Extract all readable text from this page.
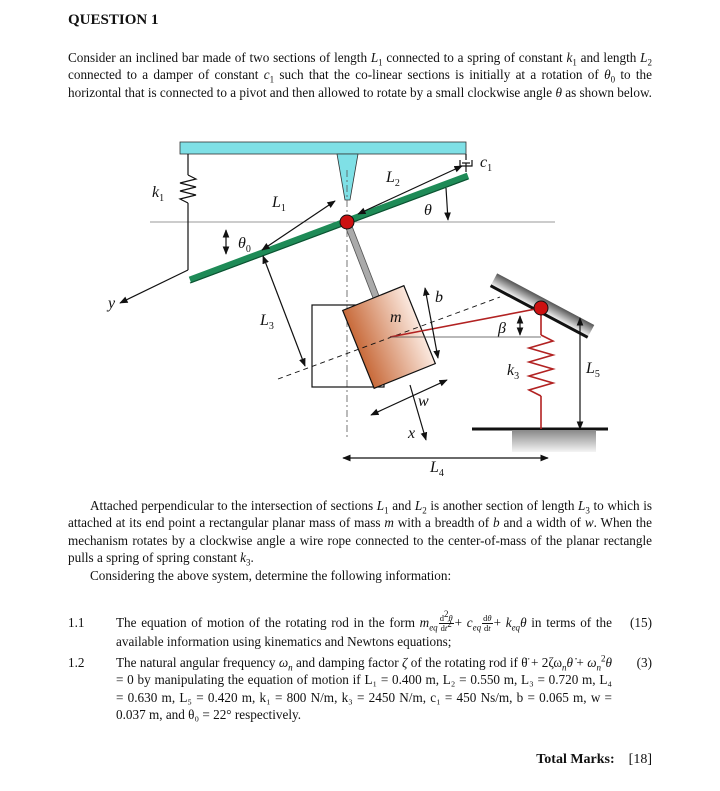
QUESTION 1
Consider an inclined bar made of two sections of length $L_1$ connected to a spring of constant $k_1$ and length $L_2$ connected to a damper of constant $c_1$ such that the co-linear sections is initially at a rotation of $\theta_0$ to the horizontal that is connected to a pivot and then allowed to rotate by a small clockwise angle θ as shown below.
$c_1$
$k_1$	$L_1$
$L_2$
θ
$\theta_0$
y
$L_3$
m
b
β
$k_3$	$L_5$
w
x
$L_4$
Attached perpendicular to the intersection of sections $L_1$ and $L_2$ is another section of length $L_3$ to which is attached at its end point a rectangular planar mass of mass m with a breadth of b and a width of w. When the mechanism rotates by a clockwise angle a wire rope connected to the center-of-mass of the planar rectangle pulls a spring of spring constant $k_3$.
Considering the above system, determine the following information:
1.1	The equation of motion of the rotating rod in the form $m_{eq} \frac{d^2\theta}{dt^2} + c_{eq} \frac{d\theta}{dt} + k_{eq}\theta$ in terms of the available information using kinematics and Newtons equations;
(15)
1.2	The natural angular frequency $\omega_n$ and damping factor ζ of the rotating rod if θ̈ + $2\zeta\omega_n\thetȧ + \omega_n^2\theta = 0$ by manipulating the equation of motion if L₁ = 0.400 m, L₂ = 0.550 m, L₃ = 0.720 m, L₄ = 0.630 m, L₅ = 0.420 m, k₁ = 800 N/m, k₃ = 2450 N/m, c₁ = 450 Ns/m, b = 0.065 m, w = 0.037 m, and θ₀ = 22° respectively.
(3)
Total Marks: [18]
